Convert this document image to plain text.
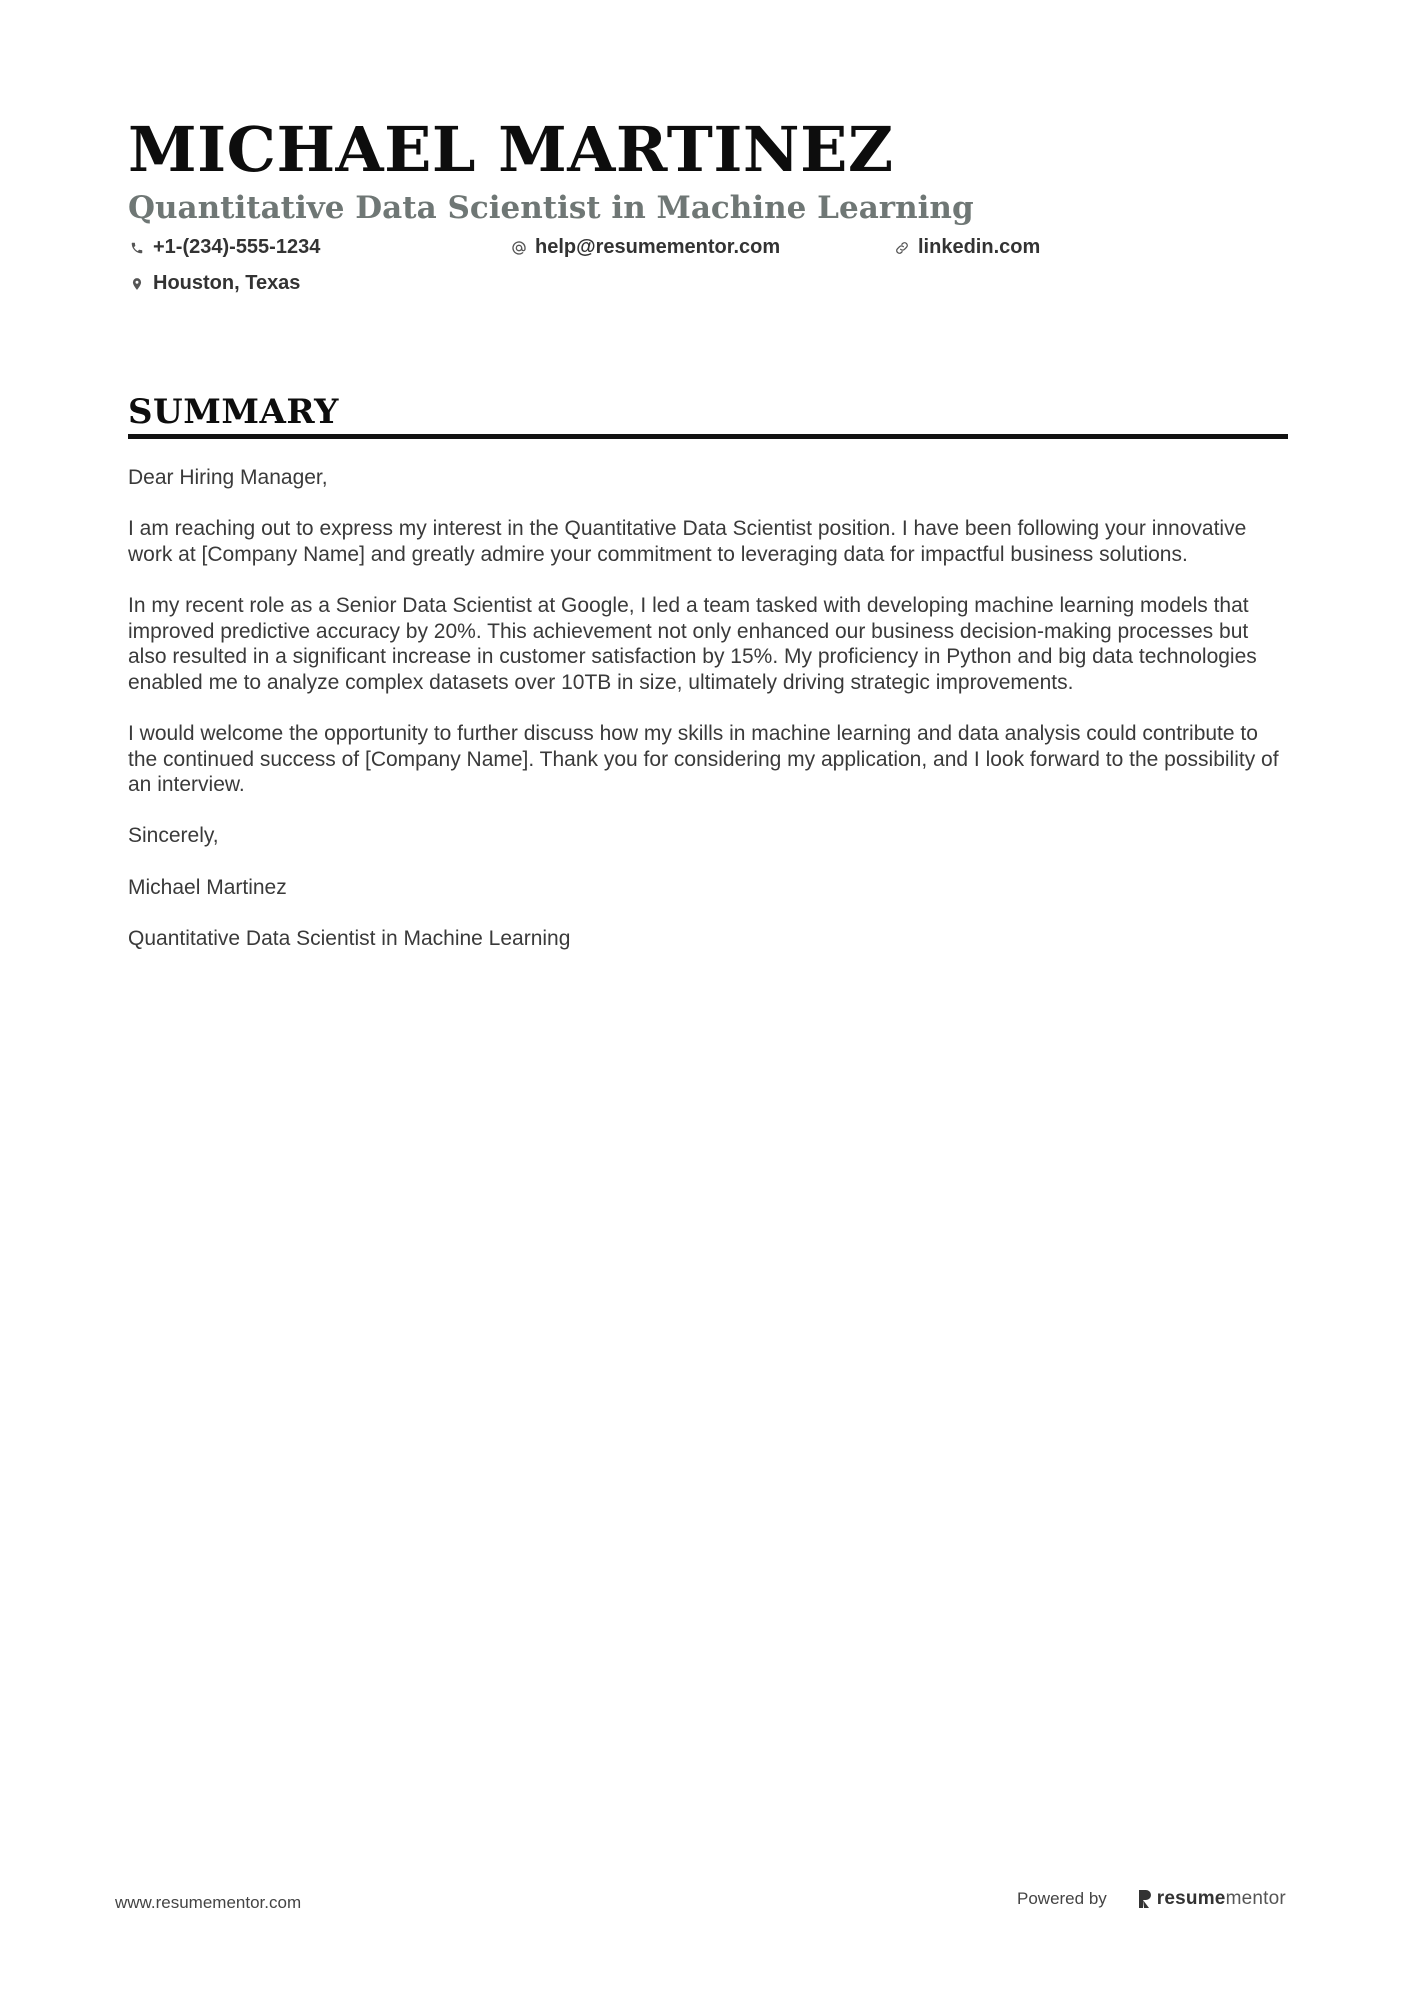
MICHAEL MARTINEZ
Quantitative Data Scientist in Machine Learning
+1-(234)-555-1234	help@resumementor.com	linkedin.com
Houston, Texas
SUMMARY

Dear Hiring Manager,

I am reaching out to express my interest in the Quantitative Data Scientist position. I have been following your innovative work at [Company Name] and greatly admire your commitment to leveraging data for impactful business solutions.

In my recent role as a Senior Data Scientist at Google, I led a team tasked with developing machine learning models that improved predictive accuracy by 20%. This achievement not only enhanced our business decision-making processes but also resulted in a significant increase in customer satisfaction by 15%. My proficiency in Python and big data technologies enabled me to analyze complex datasets over 10TB in size, ultimately driving strategic improvements.

I would welcome the opportunity to further discuss how my skills in machine learning and data analysis could contribute to the continued success of [Company Name]. Thank you for considering my application, and I look forward to the possibility of an interview.

Sincerely,

Michael Martinez

Quantitative Data Scientist in Machine Learning

www.resumementor.com	Powered by	resumementor
